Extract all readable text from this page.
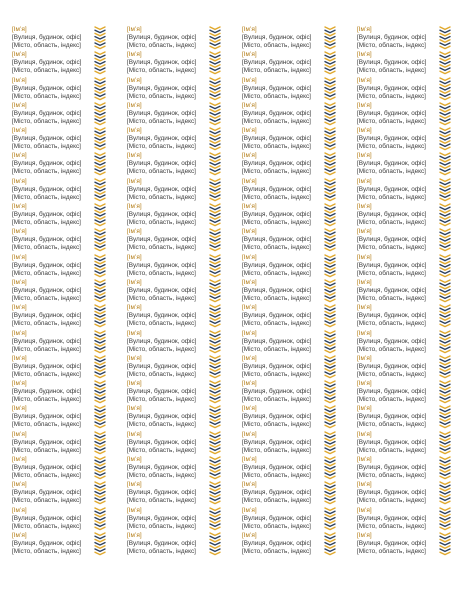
[Ім’я]
[Вулиця, будинок, офіс]
[Місто, область, індекс]
[Ім’я]
[Вулиця, будинок, офіс]
[Місто, область, індекс]
[Ім’я]
[Вулиця, будинок, офіс]
[Місто, область, індекс]
[Ім’я]
[Вулиця, будинок, офіс]
[Місто, область, індекс]
[Ім’я]
[Вулиця, будинок, офіс]
[Місто, область, індекс]
[Ім’я]
[Вулиця, будинок, офіс]
[Місто, область, індекс]
[Ім’я]
[Вулиця, будинок, офіс]
[Місто, область, індекс]
[Ім’я]
[Вулиця, будинок, офіс]
[Місто, область, індекс]
[Ім’я]
[Вулиця, будинок, офіс]
[Місто, область, індекс]
[Ім’я]
[Вулиця, будинок, офіс]
[Місто, область, індекс]
[Ім’я]
[Вулиця, будинок, офіс]
[Місто, область, індекс]
[Ім’я]
[Вулиця, будинок, офіс]
[Місто, область, індекс]
[Ім’я]
[Вулиця, будинок, офіс]
[Місто, область, індекс]
[Ім’я]
[Вулиця, будинок, офіс]
[Місто, область, індекс]
[Ім’я]
[Вулиця, будинок, офіс]
[Місто, область, індекс]
[Ім’я]
[Вулиця, будинок, офіс]
[Місто, область, індекс]
[Ім’я]
[Вулиця, будинок, офіс]
[Місто, область, індекс]
[Ім’я]
[Вулиця, будинок, офіс]
[Місто, область, індекс]
[Ім’я]
[Вулиця, будинок, офіс]
[Місто, область, індекс]
[Ім’я]
[Вулиця, будинок, офіс]
[Місто, область, індекс]
[Ім’я]
[Вулиця, будинок, офіс]
[Місто, область, індекс]
[Ім’я]
[Вулиця, будинок, офіс]
[Місто, область, індекс]
[Ім’я]
[Вулиця, будинок, офіс]
[Місто, область, індекс]
[Ім’я]
[Вулиця, будинок, офіс]
[Місто, область, індекс]
[Ім’я]
[Вулиця, будинок, офіс]
[Місто, область, індекс]
[Ім’я]
[Вулиця, будинок, офіс]
[Місто, область, індекс]
[Ім’я]
[Вулиця, будинок, офіс]
[Місто, область, індекс]
[Ім’я]
[Вулиця, будинок, офіс]
[Місто, область, індекс]
[Ім’я]
[Вулиця, будинок, офіс]
[Місто, область, індекс]
[Ім’я]
[Вулиця, будинок, офіс]
[Місто, область, індекс]
[Ім’я]
[Вулиця, будинок, офіс]
[Місто, область, індекс]
[Ім’я]
[Вулиця, будинок, офіс]
[Місто, область, індекс]
[Ім’я]
[Вулиця, будинок, офіс]
[Місто, область, індекс]
[Ім’я]
[Вулиця, будинок, офіс]
[Місто, область, індекс]
[Ім’я]
[Вулиця, будинок, офіс]
[Місто, область, індекс]
[Ім’я]
[Вулиця, будинок, офіс]
[Місто, область, індекс]
[Ім’я]
[Вулиця, будинок, офіс]
[Місто, область, індекс]
[Ім’я]
[Вулиця, будинок, офіс]
[Місто, область, індекс]
[Ім’я]
[Вулиця, будинок, офіс]
[Місто, область, індекс]
[Ім’я]
[Вулиця, будинок, офіс]
[Місто, область, індекс]
[Ім’я]
[Вулиця, будинок, офіс]
[Місто, область, індекс]
[Ім’я]
[Вулиця, будинок, офіс]
[Місто, область, індекс]
[Ім’я]
[Вулиця, будинок, офіс]
[Місто, область, індекс]
[Ім’я]
[Вулиця, будинок, офіс]
[Місто, область, індекс]
[Ім’я]
[Вулиця, будинок, офіс]
[Місто, область, індекс]
[Ім’я]
[Вулиця, будинок, офіс]
[Місто, область, індекс]
[Ім’я]
[Вулиця, будинок, офіс]
[Місто, область, індекс]
[Ім’я]
[Вулиця, будинок, офіс]
[Місто, область, індекс]
[Ім’я]
[Вулиця, будинок, офіс]
[Місто, область, індекс]
[Ім’я]
[Вулиця, будинок, офіс]
[Місто, область, індекс]
[Ім’я]
[Вулиця, будинок, офіс]
[Місто, область, індекс]
[Ім’я]
[Вулиця, будинок, офіс]
[Місто, область, індекс]
[Ім’я]
[Вулиця, будинок, офіс]
[Місто, область, індекс]
[Ім’я]
[Вулиця, будинок, офіс]
[Місто, область, індекс]
[Ім’я]
[Вулиця, будинок, офіс]
[Місто, область, індекс]
[Ім’я]
[Вулиця, будинок, офіс]
[Місто, область, індекс]
[Ім’я]
[Вулиця, будинок, офіс]
[Місто, область, індекс]
[Ім’я]
[Вулиця, будинок, офіс]
[Місто, область, індекс]
[Ім’я]
[Вулиця, будинок, офіс]
[Місто, область, індекс]
[Ім’я]
[Вулиця, будинок, офіс]
[Місто, область, індекс]
[Ім’я]
[Вулиця, будинок, офіс]
[Місто, область, індекс]
[Ім’я]
[Вулиця, будинок, офіс]
[Місто, область, індекс]
[Ім’я]
[Вулиця, будинок, офіс]
[Місто, область, індекс]
[Ім’я]
[Вулиця, будинок, офіс]
[Місто, область, індекс]
[Ім’я]
[Вулиця, будинок, офіс]
[Місто, область, індекс]
[Ім’я]
[Вулиця, будинок, офіс]
[Місто, область, індекс]
[Ім’я]
[Вулиця, будинок, офіс]
[Місто, область, індекс]
[Ім’я]
[Вулиця, будинок, офіс]
[Місто, область, індекс]
[Ім’я]
[Вулиця, будинок, офіс]
[Місто, область, індекс]
[Ім’я]
[Вулиця, будинок, офіс]
[Місто, область, індекс]
[Ім’я]
[Вулиця, будинок, офіс]
[Місто, область, індекс]
[Ім’я]
[Вулиця, будинок, офіс]
[Місто, область, індекс]
[Ім’я]
[Вулиця, будинок, офіс]
[Місто, область, індекс]
[Ім’я]
[Вулиця, будинок, офіс]
[Місто, область, індекс]
[Ім’я]
[Вулиця, будинок, офіс]
[Місто, область, індекс]
[Ім’я]
[Вулиця, будинок, офіс]
[Місто, область, індекс]
[Ім’я]
[Вулиця, будинок, офіс]
[Місто, область, індекс]
[Ім’я]
[Вулиця, будинок, офіс]
[Місто, область, індекс]
[Ім’я]
[Вулиця, будинок, офіс]
[Місто, область, індекс]
[Ім’я]
[Вулиця, будинок, офіс]
[Місто, область, індекс]
[Ім’я]
[Вулиця, будинок, офіс]
[Місто, область, індекс]
[Ім’я]
[Вулиця, будинок, офіс]
[Місто, область, індекс]
[Ім’я]
[Вулиця, будинок, офіс]
[Місто, область, індекс]
[Ім’я]
[Вулиця, будинок, офіс]
[Місто, область, індекс]
